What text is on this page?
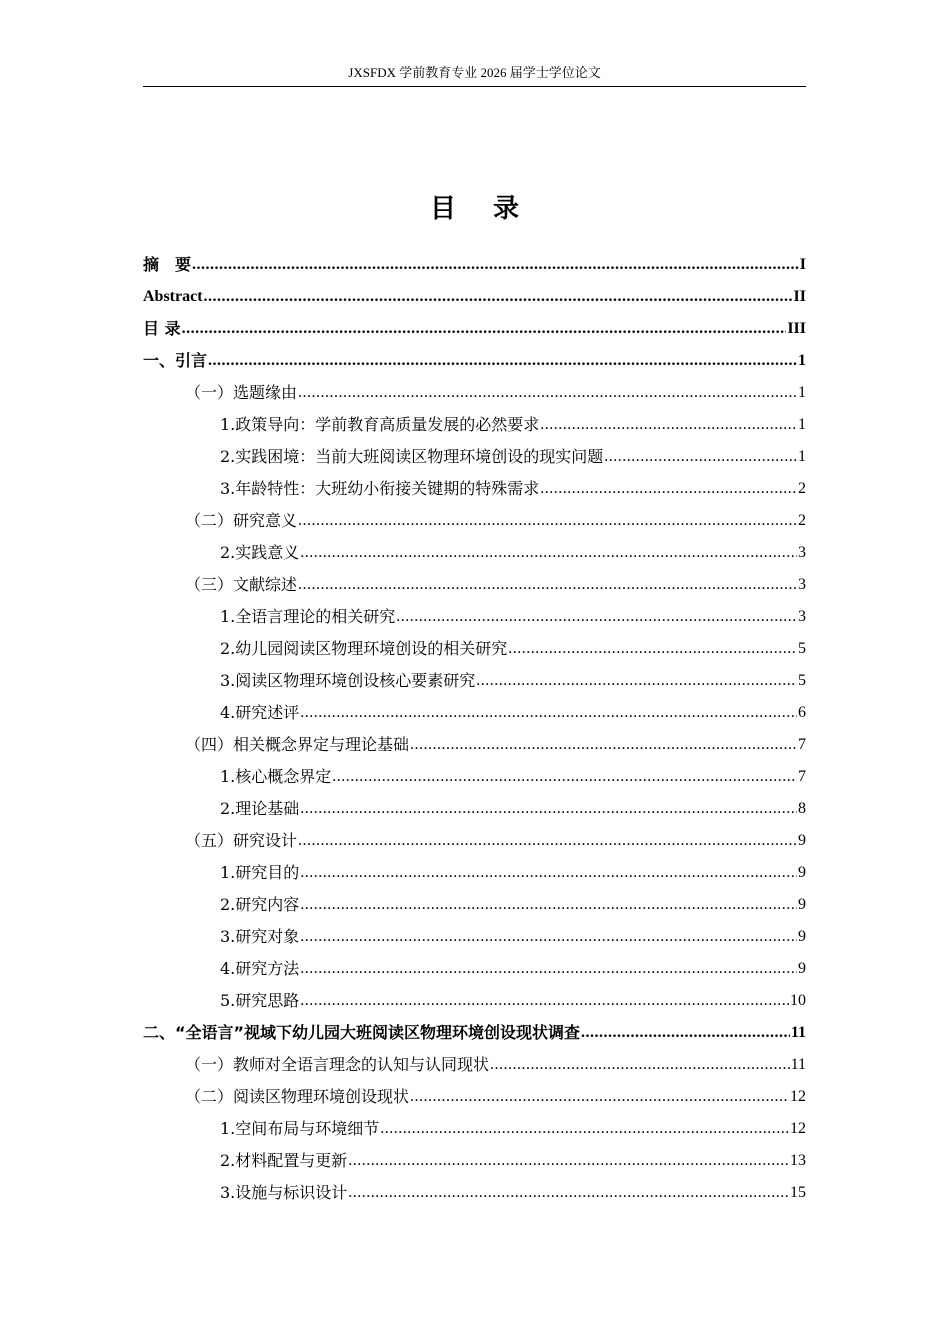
JXSFDX 学前教育专业 2026 届学士学位论文
目 录
摘　要 .....	I
Abstract .....	II
目 录 .....	III
一、引言 .....	1
（一）选题缘由 .....	1
1.政策导向：学前教育高质量发展的必然要求 .....	1
2.实践困境：当前大班阅读区物理环境创设的现实问题 .....	1
3.年龄特性：大班幼小衔接关键期的特殊需求 .....	2
（二）研究意义 .....	2
2.实践意义 .....	3
（三）文献综述 .....	3
1.全语言理论的相关研究 .....	3
2.幼儿园阅读区物理环境创设的相关研究 .....	5
3.阅读区物理环境创设核心要素研究 .....	5
4.研究述评 .....	6
（四）相关概念界定与理论基础 .....	7
1.核心概念界定 .....	7
2.理论基础 .....	8
（五）研究设计 .....	9
1.研究目的 .....	9
2.研究内容 .....	9
3.研究对象 .....	9
4.研究方法 .....	9
5.研究思路 .....	10
二、“全语言”视域下幼儿园大班阅读区物理环境创设现状调查 .....	11
（一）教师对全语言理念的认知与认同现状 .....	11
（二）阅读区物理环境创设现状 .....	12
1.空间布局与环境细节 .....	12
2.材料配置与更新 .....	13
3.设施与标识设计 .....	15
